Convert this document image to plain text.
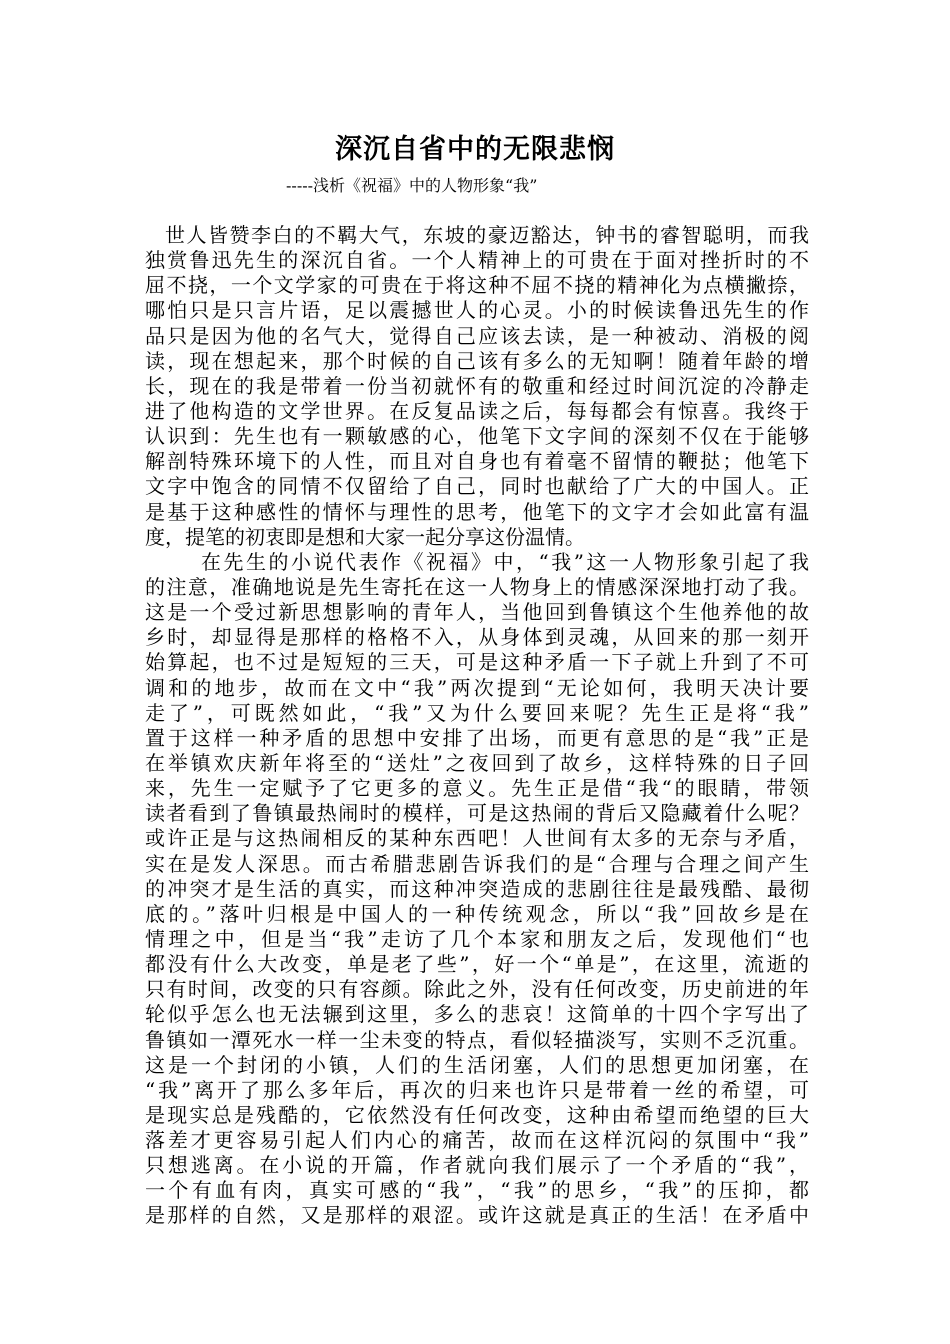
深沉自省中的无限悲悯

-----浅析《祝福》中的人物形象“我”

世人皆赞李白的不羁大气，东坡的豪迈豁达，钟书的睿智聪明，而我
独赏鲁迅先生的深沉自省。一个人精神上的可贵在于面对挫折时的不
屈不挠，一个文学家的可贵在于将这种不屈不挠的精神化为点横撇捺，
哪怕只是只言片语，足以震撼世人的心灵。小的时候读鲁迅先生的作
品只是因为他的名气大，觉得自己应该去读，是一种被动、消极的阅
读，现在想起来，那个时候的自己该有多么的无知啊！随着年龄的增
长，现在的我是带着一份当初就怀有的敬重和经过时间沉淀的冷静走
进了他构造的文学世界。在反复品读之后，每每都会有惊喜。我终于
认识到：先生也有一颗敏感的心，他笔下文字间的深刻不仅在于能够
解剖特殊环境下的人性，而且对自身也有着毫不留情的鞭挞；他笔下
文字中饱含的同情不仅留给了自己，同时也献给了广大的中国人。正
是基于这种感性的情怀与理性的思考，他笔下的文字才会如此富有温
度，提笔的初衷即是想和大家一起分享这份温情。
在先生的小说代表作《祝福》中，“我”这一人物形象引起了我
的注意，准确地说是先生寄托在这一人物身上的情感深深地打动了我。
这是一个受过新思想影响的青年人，当他回到鲁镇这个生他养他的故
乡时，却显得是那样的格格不入，从身体到灵魂，从回来的那一刻开
始算起，也不过是短短的三天，可是这种矛盾一下子就上升到了不可
调和的地步，故而在文中“我”两次提到“无论如何，我明天决计要
走了”，可既然如此，“我”又为什么要回来呢？先生正是将“我”
置于这样一种矛盾的思想中安排了出场，而更有意思的是“我”正是
在举镇欢庆新年将至的“送灶”之夜回到了故乡，这样特殊的日子回
来，先生一定赋予了它更多的意义。先生正是借“我“的眼睛，带领
读者看到了鲁镇最热闹时的模样，可是这热闹的背后又隐藏着什么呢？
或许正是与这热闹相反的某种东西吧！人世间有太多的无奈与矛盾，
实在是发人深思。而古希腊悲剧告诉我们的是“合理与合理之间产生
的冲突才是生活的真实，而这种冲突造成的悲剧往往是最残酷、最彻
底的。”落叶归根是中国人的一种传统观念，所以“我”回故乡是在
情理之中，但是当“我”走访了几个本家和朋友之后，发现他们“也
都没有什么大改变，单是老了些”，好一个“单是”，在这里，流逝的
只有时间，改变的只有容颜。除此之外，没有任何改变，历史前进的年
轮似乎怎么也无法辗到这里，多么的悲哀！这简单的十四个字写出了
鲁镇如一潭死水一样一尘未变的特点，看似轻描淡写，实则不乏沉重。
这是一个封闭的小镇，人们的生活闭塞，人们的思想更加闭塞，在
“我”离开了那么多年后，再次的归来也许只是带着一丝的希望，可
是现实总是残酷的，它依然没有任何改变，这种由希望而绝望的巨大
落差才更容易引起人们内心的痛苦，故而在这样沉闷的氛围中“我”
只想逃离。在小说的开篇，作者就向我们展示了一个矛盾的“我”，
一个有血有肉，真实可感的“我”，“我”的思乡，“我”的压抑，都
是那样的自然，又是那样的艰涩。或许这就是真正的生活！在矛盾中
